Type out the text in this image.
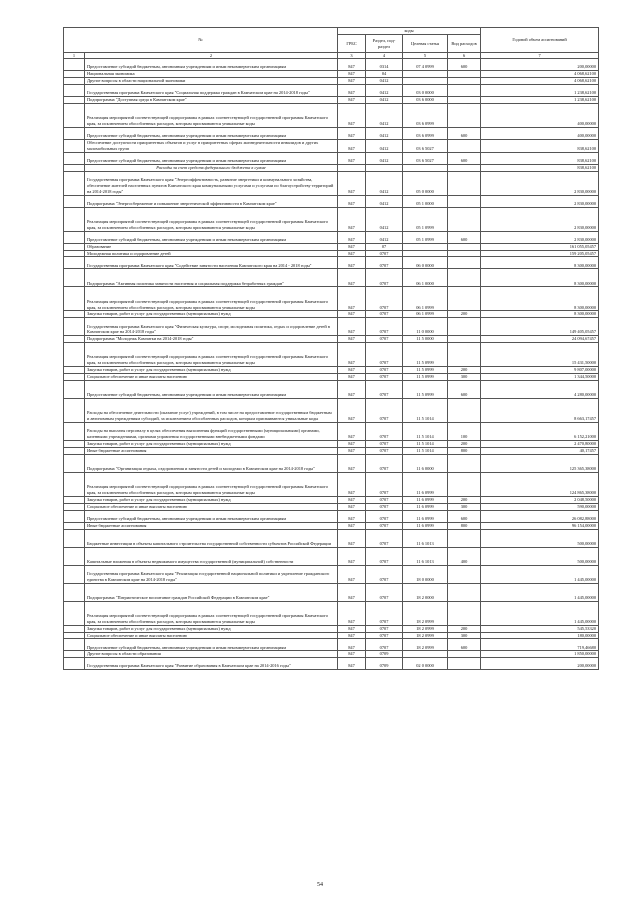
№		коды				Годовой объем ассигнований
		ГРБС	Раздел, под-раздел	Целевая статья	Вид расходов	
1	2	3	4	5	6	7
	Предоставление субсидий бюджетным, автономным учреждениям и иным некоммерческим организациям	847	0314	07 4 0999	600	200,00000
	Национальная экономика	847	04			4 068,62100
	Другие вопросы в области национальной экономики	847	0412			4 068,62100
	Государственная программа Камчатского края "Социальная поддержка граждан в Камчатском крае на 2014-2018 годы"	847	0412	03 0 0000		1 238,62100
	Подпрограмма "Доступная среда в Камчатском крае"	847	0412	03 6 0000		1 238,62100
	Реализация мероприятий соответствующей подпрограммы в рамках соответствующей государственной программы Камчатского края, за исключением обособленных расходов, которым присваиваются уникальные коды	847	0412	03 6 0999		400,00000
	Предоставление субсидий бюджетным, автономным учреждениям и иным некоммерческим организациям	847	0412	03 6 0999	600	400,00000
	Обеспечение доступности приоритетных объектов и услуг в приоритетных сферах жизнедеятельности инвалидов и других маломобильных групп	847	0412	03 6 5027		838,62100
	Предоставление субсидий бюджетным, автономным учреждениям и иным некоммерческим организациям	847	0412	03 6 5027	600	838,62100
	Расходы за счет средств федерального бюджета в сумме					838,62100
	Государственная программа Камчатского края "Энергоэффективность, развитие энергетики и коммунального хозяйства, обеспечение жителей населенных пунктов Камчатского края коммунальными услугами и услугами по благоустройству территорий на 2014-2018 годы"	847	0412	05 0 0000		2 830,00000
	Подпрограмма "Энергосбережение и повышение энергетической эффективности в Камчатском крае"	847	0412	05 1 0000		2 830,00000
	Реализация мероприятий соответствующей подпрограммы в рамках соответствующей государственной программы Камчатского края, за исключением обособленных расходов, которым присваиваются уникальные коды	847	0412	05 1 0999		2 830,00000
	Предоставление субсидий бюджетным, автономным учреждениям и иным некоммерческим организациям	847	0412	05 1 0999	600	2 830,00000
	Образование	847	07			161 055,05457
	Молодежная политика и оздоровление детей	847	0707			159 205,05457
	Государственная программа Камчатского края "Содействие занятости населения Камчатского края на 2014 - 2018 годы"	847	0707	06 0 0000		8 300,00000
	Подпрограмма "Активная политика занятости населения и социальная поддержка безработных граждан"	847	0707	06 1 0000		8 300,00000
	Реализация мероприятий соответствующей подпрограммы в рамках соответствующей государственной программы Камчатского края, за исключением обособленных расходов, которым присваиваются уникальные коды	847	0707	06 1 0999		8 300,00000
	Закупка товаров, работ и услуг для государственных (муниципальных) нужд	847	0707	06 1 0999	200	8 300,00000
	Государственная программа Камчатского края "Физическая культура, спорт, молодежная политика, отдых и оздоровление детей в Камчатском крае на 2014-2018 годы"	847	0707	11 0 0000		149 405,05457
	Подпрограмма "Молодежь Камчатки на 2014-2018 годы"	847	0707	11 5 0000		24 094,67457
	Реализация мероприятий соответствующей подпрограммы в рамках соответствующей государственной программы Камчатского края, за исключением обособленных расходов, которым присваиваются уникальные коды	847	0707	11 5 0999		15 431,50000
	Закупка товаров, работ и услуг для государственных (муниципальных) нужд	847	0707	11 5 0999	200	9 807,00000
	Социальное обеспечение и иные выплаты населению	847	0707	11 5 0999	300	1 344,50000
	Предоставление субсидий бюджетным, автономным учреждениям и иным некоммерческим организациям	847	0707	11 5 0999	600	4 280,00000
	Расходы на обеспечение деятельности (оказание услуг) учреждений, в том числе на предоставление государственным бюджетным и автономным учреждениям субсидий, за исключением обособленных расходов, которым присваиваются уникальные коды	847	0707	11 5 1014		8 663,17457
	Расходы на выплаты персоналу в целях обеспечения выполнения функций государственными (муниципальными) органами, казенными учреждениями, органами управления государственными внебюджетными фондами	847	0707	11 5 1014	100	6 152,21000
	Закупка товаров, работ и услуг для государственных (муниципальных) нужд	847	0707	11 5 1014	200	2 470,80000
	Иные бюджетные ассигнования	847	0707	11 5 1014	800	40,17457
	Подпрограмма "Организация отдыха, оздоровления и занятости детей и молодежи в Камчатском крае на 2014-2018 годы"	847	0707	11 6 0000		125 365,38000
	Реализация мероприятий соответствующей подпрограммы в рамках соответствующей государственной программы Камчатского края, за исключением обособленных расходов, которым присваиваются уникальные коды	847	0707	11 6 0999		124 865,38000
	Закупка товаров, работ и услуг для государственных (муниципальных) нужд	847	0707	11 6 0999	200	2 048,50000
	Социальное обеспечение и иные выплаты населению	847	0707	11 6 0999	300	590,00000
	Предоставление субсидий бюджетным, автономным учреждениям и иным некоммерческим организациям	847	0707	11 6 0999	600	26 082,88000
	Иные бюджетные ассигнования	847	0707	11 6 0999	800	96 154,00000
	Бюджетные инвестиции в объекты капитального строительства государственной собственности субъектов Российской Федерации	847	0707	11 6 1013		500,00000
	Капитальные вложения в объекты недвижимого имущества государственной (муниципальной) собственности	847	0707	11 6 1013	400	500,00000
	Государственная программа Камчатского края "Реализация государственной национальной политики и укрепление гражданского единства в Камчатском крае на 2014-2018 годы"	847	0707	18 0 0000		1 445,00000
	Подпрограмма "Патриотическое воспитание граждан Российской Федерации в Камчатском крае"	847	0707	18 2 0000		1 445,00000
	Реализация мероприятий соответствующей подпрограммы в рамках соответствующей государственной программы Камчатского края, за исключением обособленных расходов, которым присваиваются уникальные коды	847	0707	18 2 0999		1 445,00000
	Закупка товаров, работ и услуг для государственных (муниципальных) нужд	847	0707	18 2 0999	200	545,53320
	Социальное обеспечение и иные выплаты населению	847	0707	18 2 0999	300	180,00000
	Предоставление субсидий бюджетным, автономным учреждениям и иным некоммерческим организациям	847	0707	18 2 0999	600	719,46680
	Другие вопросы в области образования	847	0709			1 850,00000
	Государственная программа Камчатского края "Развитие образования в Камчатском крае на 2014-2016 годы"	847	0709	02 0 0000		200,00000
54
